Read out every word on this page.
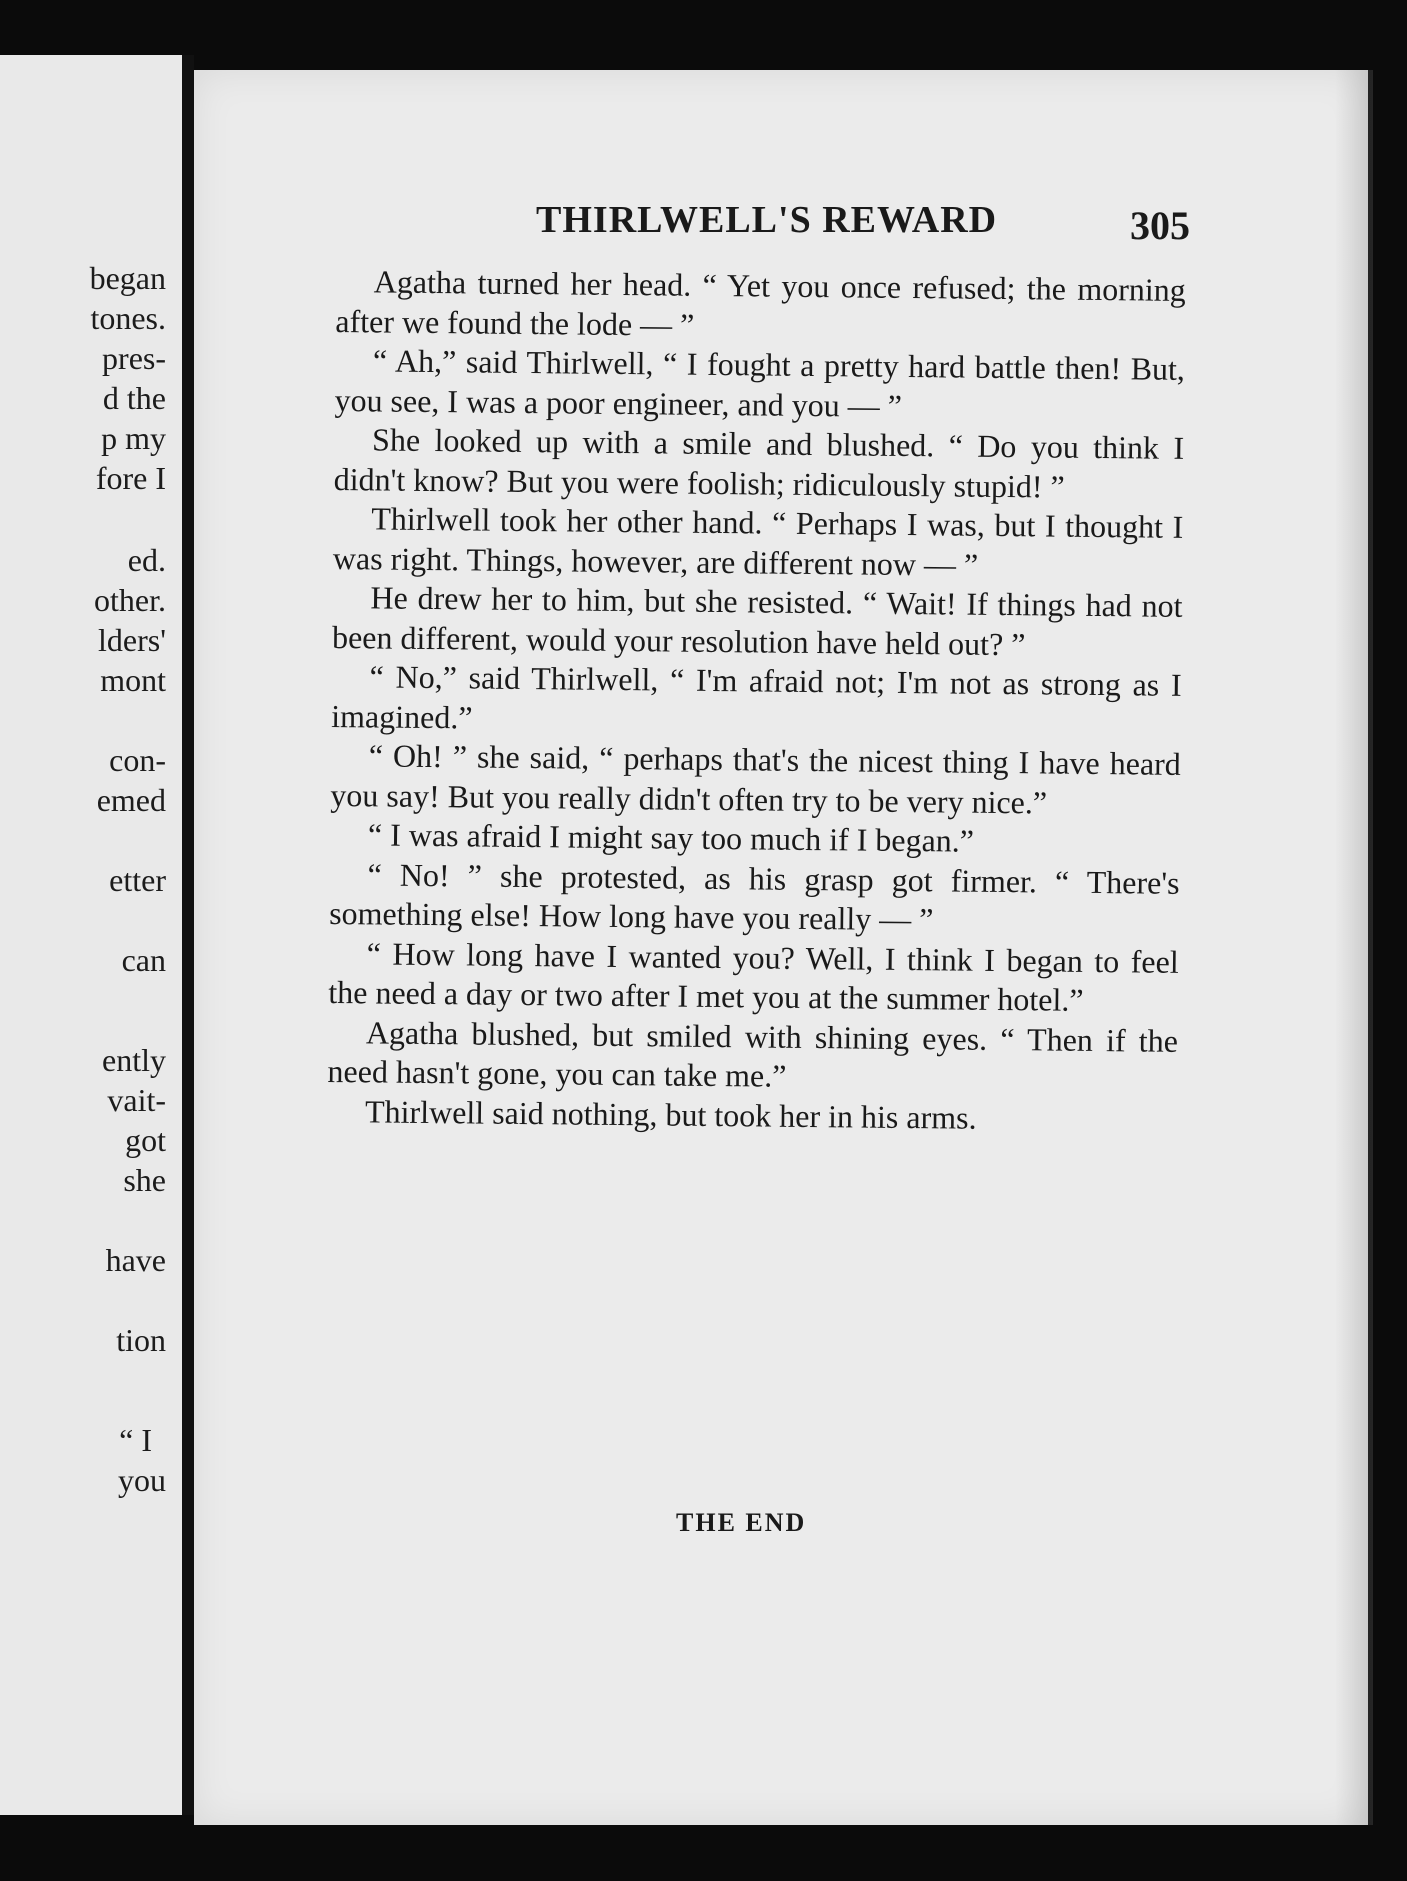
began
tones.
pres-
d the
p my
fore I
ed.
other.
lders'
mont
con-
emed
etter
can
ently
vait-
got
she
have
tion
“ I
you
THIRLWELL'S REWARD	305

Agatha turned her head. “ Yet you once refused; the morning after we found the lode — ”

“ Ah,” said Thirlwell, “ I fought a pretty hard battle then! But, you see, I was a poor engineer, and you — ”

She looked up with a smile and blushed. “ Do you think I didn't know? But you were foolish; ridiculously stupid! ”

Thirlwell took her other hand. “ Perhaps I was, but I thought I was right. Things, however, are different now — ”

He drew her to him, but she resisted. “ Wait! If things had not been different, would your resolution have held out? ”

“ No,” said Thirlwell, “ I'm afraid not; I'm not as strong as I imagined.”

“ Oh! ” she said, “ perhaps that's the nicest thing I have heard you say! But you really didn't often try to be very nice.”

“ I was afraid I might say too much if I began.”

“ No! ” she protested, as his grasp got firmer. “ There's something else! How long have you really — ”

“ How long have I wanted you? Well, I think I began to feel the need a day or two after I met you at the summer hotel.”

Agatha blushed, but smiled with shining eyes. “ Then if the need hasn't gone, you can take me.”

Thirlwell said nothing, but took her in his arms.

THE END
